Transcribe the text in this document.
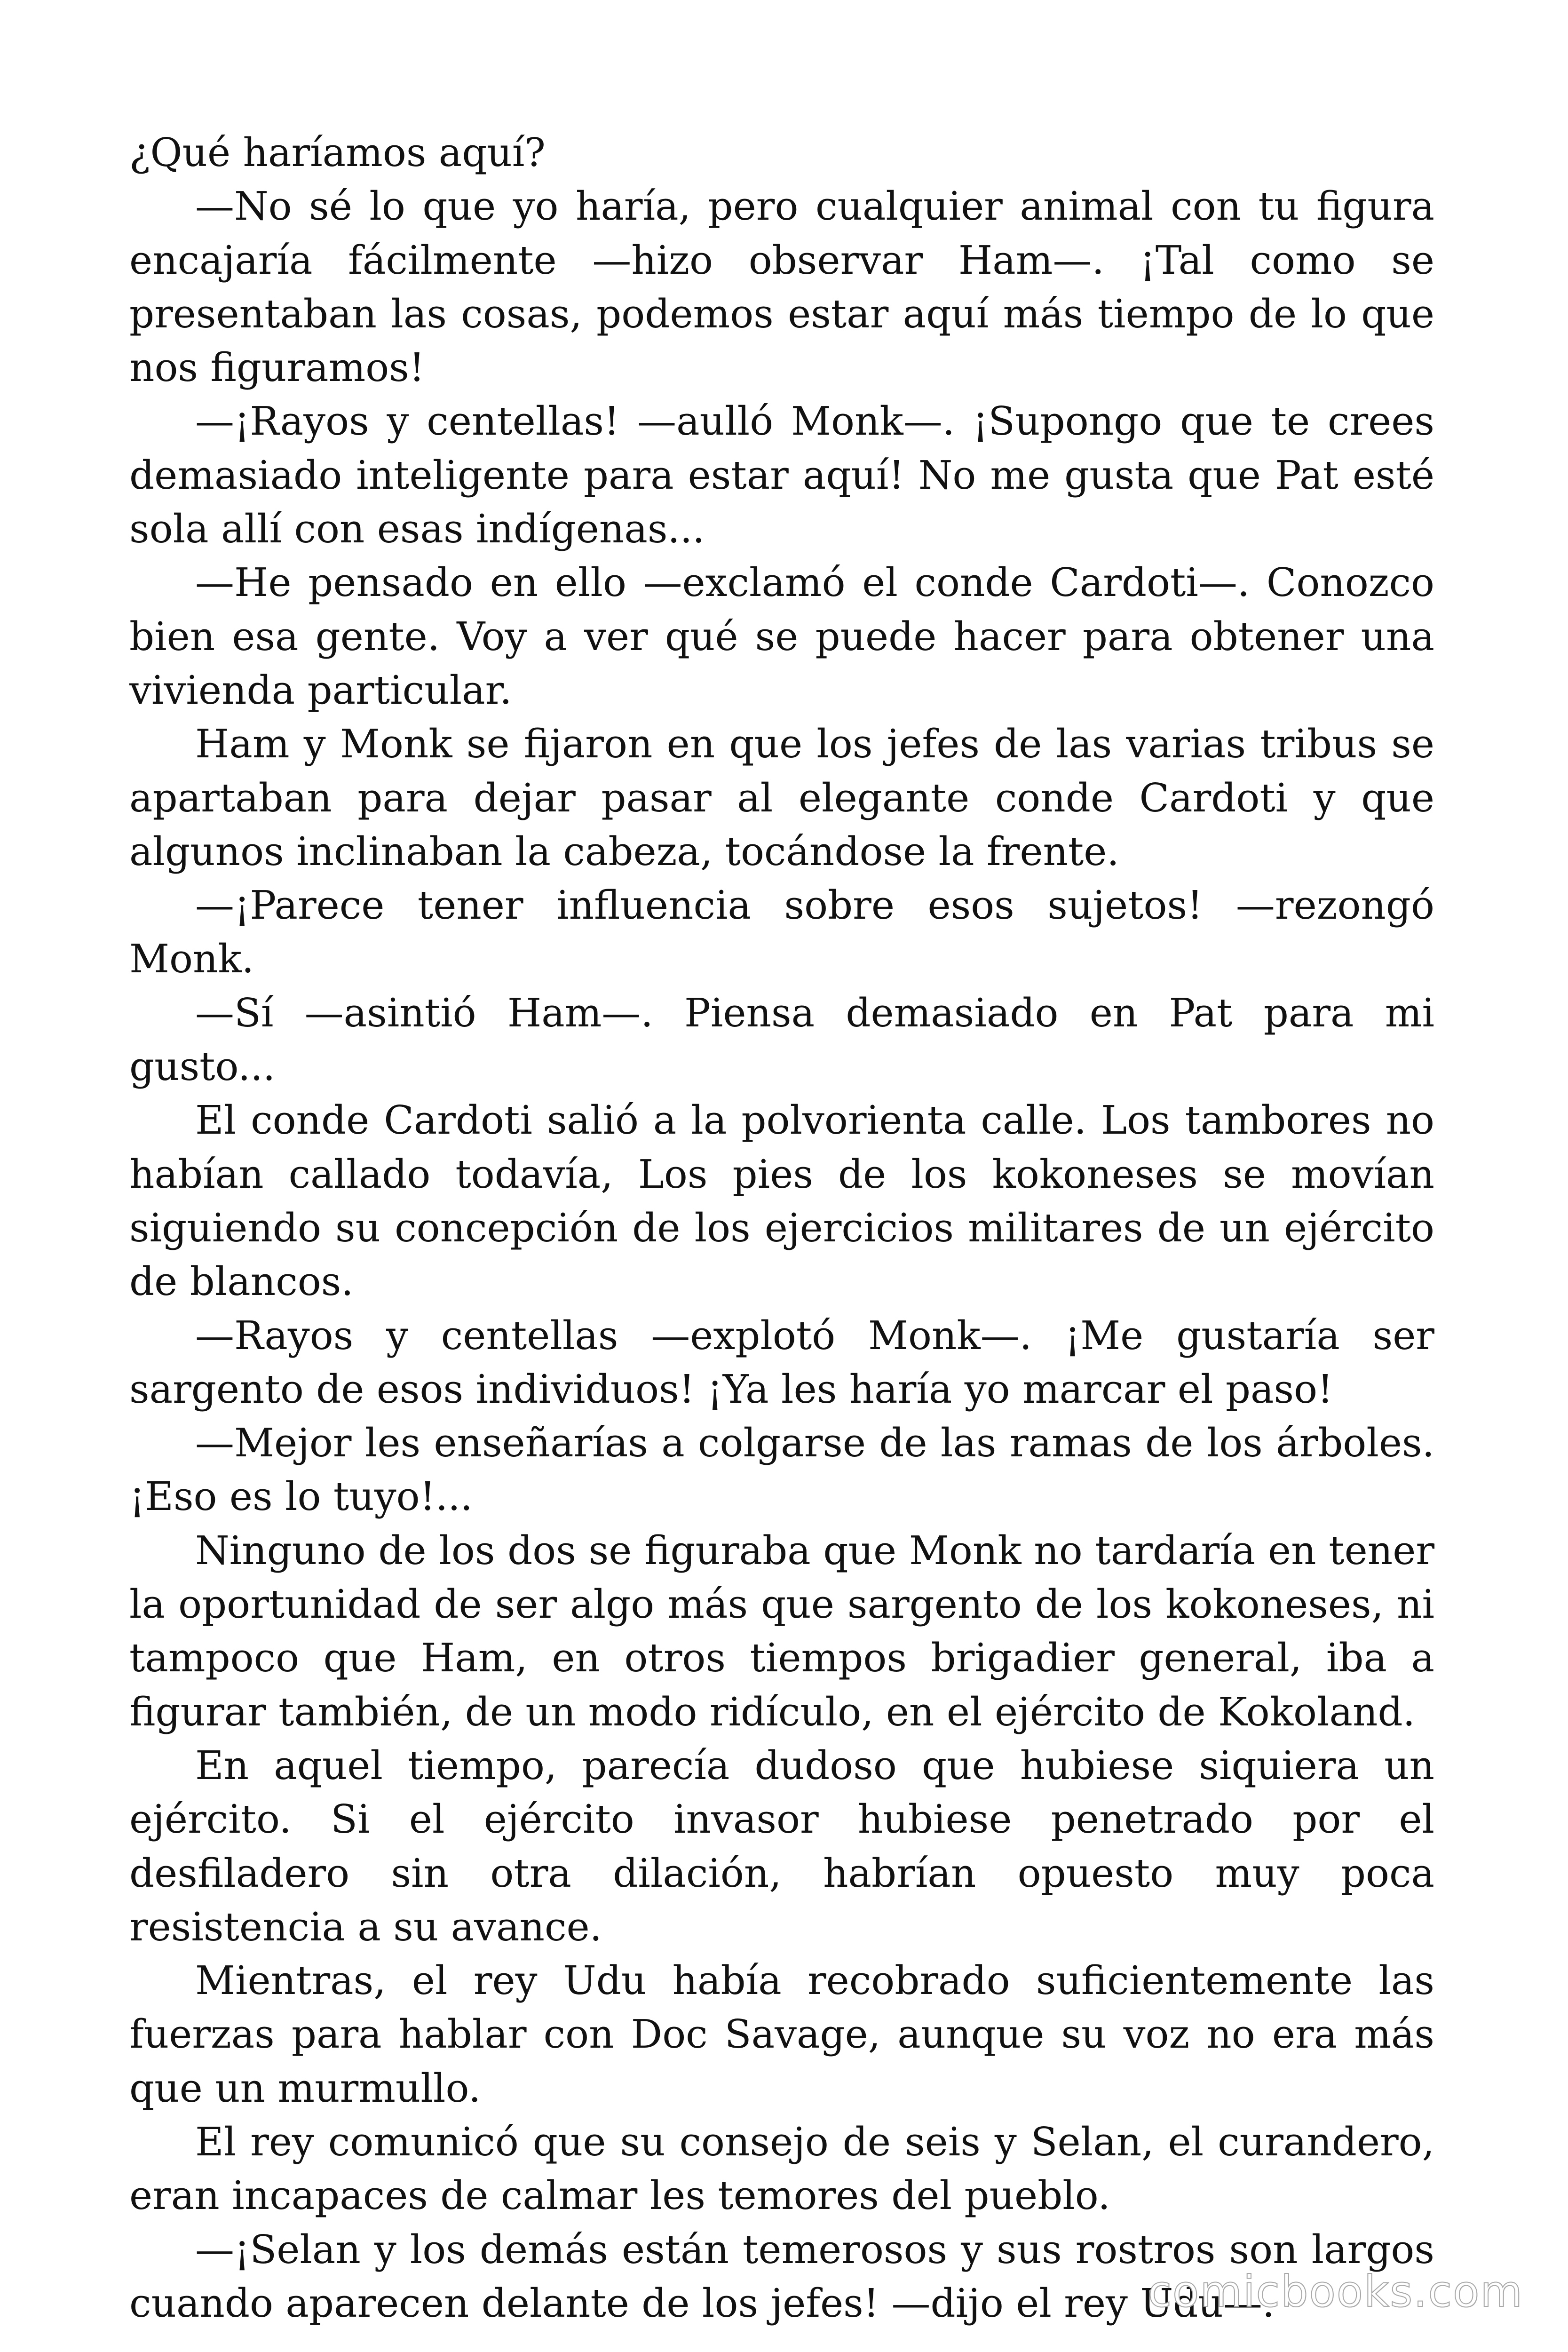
¿Qué haríamos aquí?

—No sé lo que yo haría, pero cualquier animal con tu figura encajaría fácilmente —hizo observar Ham—. ¡Tal como se presentaban las cosas, podemos estar aquí más tiempo de lo que nos figuramos!

—¡Rayos y centellas! —aulló Monk—. ¡Supongo que te crees demasiado inteligente para estar aquí! No me gusta que Pat esté sola allí con esas indígenas...

—He pensado en ello —exclamó el conde Cardoti—. Conozco bien esa gente. Voy a ver qué se puede hacer para obtener una vivienda particular.

Ham y Monk se fijaron en que los jefes de las varias tribus se apartaban para dejar pasar al elegante conde Cardoti y que algunos inclinaban la cabeza, tocándose la frente.

—¡Parece tener influencia sobre esos sujetos! —rezongó Monk.

—Sí —asintió Ham—. Piensa demasiado en Pat para mi gusto...

El conde Cardoti salió a la polvorienta calle. Los tambores no habían callado todavía, Los pies de los kokoneses se movían siguiendo su concepción de los ejercicios militares de un ejército de blancos.

—Rayos y centellas —explotó Monk—. ¡Me gustaría ser sargento de esos individuos! ¡Ya les haría yo marcar el paso!

—Mejor les enseñarías a colgarse de las ramas de los árboles. ¡Eso es lo tuyo!...

Ninguno de los dos se figuraba que Monk no tardaría en tener la oportunidad de ser algo más que sargento de los kokoneses, ni tampoco que Ham, en otros tiempos brigadier general, iba a figurar también, de un modo ridículo, en el ejército de Kokoland.

En aquel tiempo, parecía dudoso que hubiese siquiera un ejército. Si el ejército invasor hubiese penetrado por el desfiladero sin otra dilación, habrían opuesto muy poca resistencia a su avance.

Mientras, el rey Udu había recobrado suficientemente las fuerzas para hablar con Doc Savage, aunque su voz no era más que un murmullo.

El rey comunicó que su consejo de seis y Selan, el curandero, eran incapaces de calmar les temores del pueblo.

—¡Selan y los demás están temerosos y sus rostros son largos cuando aparecen delante de los jefes! —dijo el rey Udu—.

comicbooks.com
